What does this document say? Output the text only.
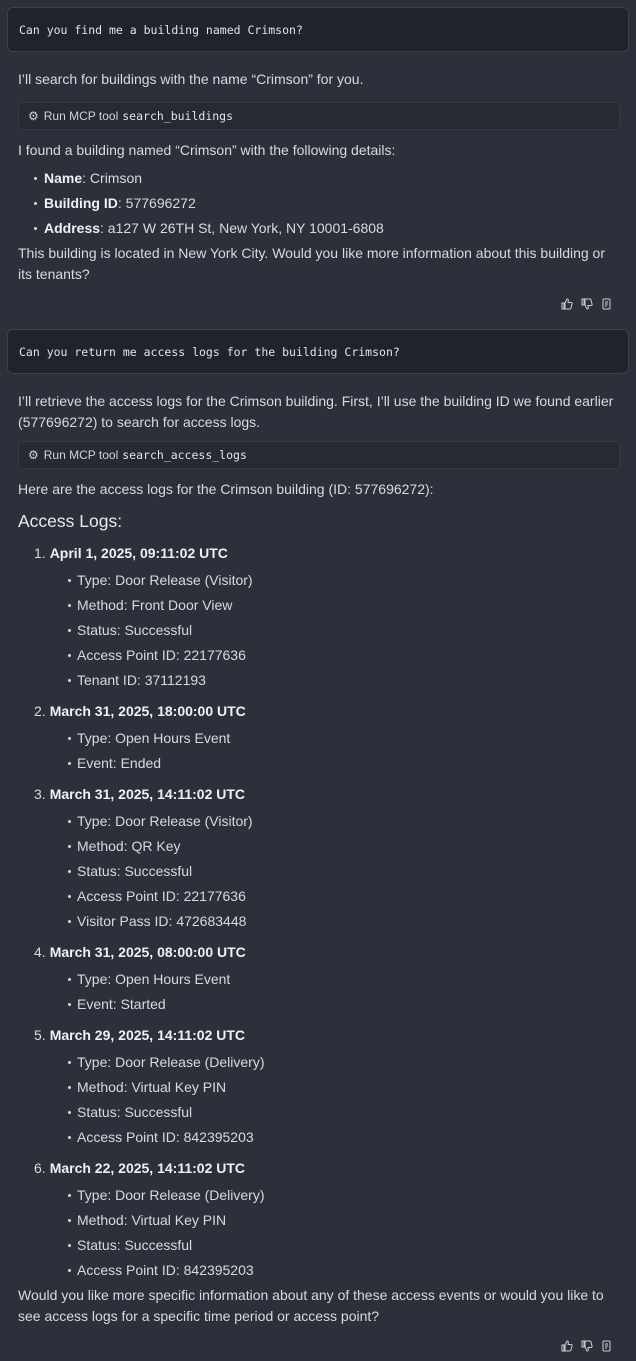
Can you find me a building named Crimson?
I’ll search for buildings with the name “Crimson” for you.
⚙ Run MCP tool search_buildings
I found a building named “Crimson” with the following details:
Name: Crimson
Building ID: 577696272
Address: a127 W 26TH St, New York, NY 10001-6808
This building is located in New York City. Would you like more information about this building or its tenants?
Can you return me access logs for the building Crimson?
I’ll retrieve the access logs for the Crimson building. First, I’ll use the building ID we found earlier (577696272) to search for access logs.
⚙ Run MCP tool search_access_logs
Here are the access logs for the Crimson building (ID: 577696272):
Access Logs:
1. April 1, 2025, 09:11:02 UTC
Type: Door Release (Visitor)
Method: Front Door View
Status: Successful
Access Point ID: 22177636
Tenant ID: 37112193
2. March 31, 2025, 18:00:00 UTC
Type: Open Hours Event
Event: Ended
3. March 31, 2025, 14:11:02 UTC
Type: Door Release (Visitor)
Method: QR Key
Status: Successful
Access Point ID: 22177636
Visitor Pass ID: 472683448
4. March 31, 2025, 08:00:00 UTC
Type: Open Hours Event
Event: Started
5. March 29, 2025, 14:11:02 UTC
Type: Door Release (Delivery)
Method: Virtual Key PIN
Status: Successful
Access Point ID: 842395203
6. March 22, 2025, 14:11:02 UTC
Type: Door Release (Delivery)
Method: Virtual Key PIN
Status: Successful
Access Point ID: 842395203
Would you like more specific information about any of these access events or would you like to see access logs for a specific time period or access point?
